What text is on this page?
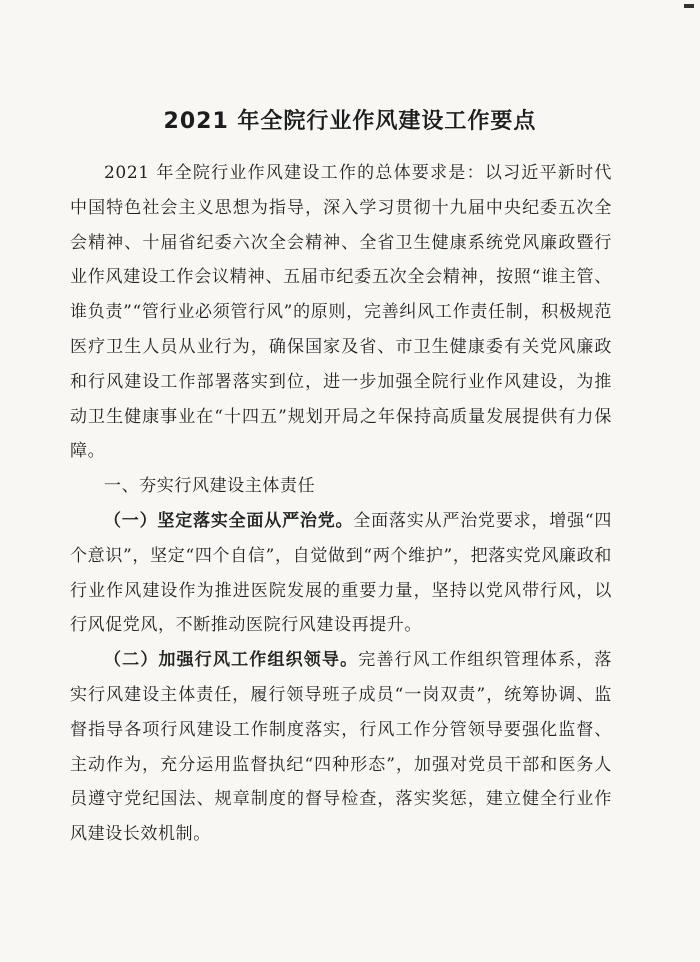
2021 年全院行业作风建设工作要点

2021 年全院行业作风建设工作的总体要求是：以习近平新时代中国特色社会主义思想为指导，深入学习贯彻十九届中央纪委五次全会精神、十届省纪委六次全会精神、全省卫生健康系统党风廉政暨行业作风建设工作会议精神、五届市纪委五次全会精神，按照“谁主管、谁负责”“管行业必须管行风”的原则，完善纠风工作责任制，积极规范医疗卫生人员从业行为，确保国家及省、市卫生健康委有关党风廉政和行风建设工作部署落实到位，进一步加强全院行业作风建设，为推动卫生健康事业在“十四五”规划开局之年保持高质量发展提供有力保障。

一、夯实行风建设主体责任

（一）坚定落实全面从严治党。全面落实从严治党要求，增强“四个意识”，坚定“四个自信”，自觉做到“两个维护”，把落实党风廉政和行业作风建设作为推进医院发展的重要力量，坚持以党风带行风，以行风促党风，不断推动医院行风建设再提升。

（二）加强行风工作组织领导。完善行风工作组织管理体系，落实行风建设主体责任，履行领导班子成员“一岗双责”，统筹协调、监督指导各项行风建设工作制度落实，行风工作分管领导要强化监督、主动作为，充分运用监督执纪“四种形态”，加强对党员干部和医务人员遵守党纪国法、规章制度的督导检查，落实奖惩，建立健全行业作风建设长效机制。
